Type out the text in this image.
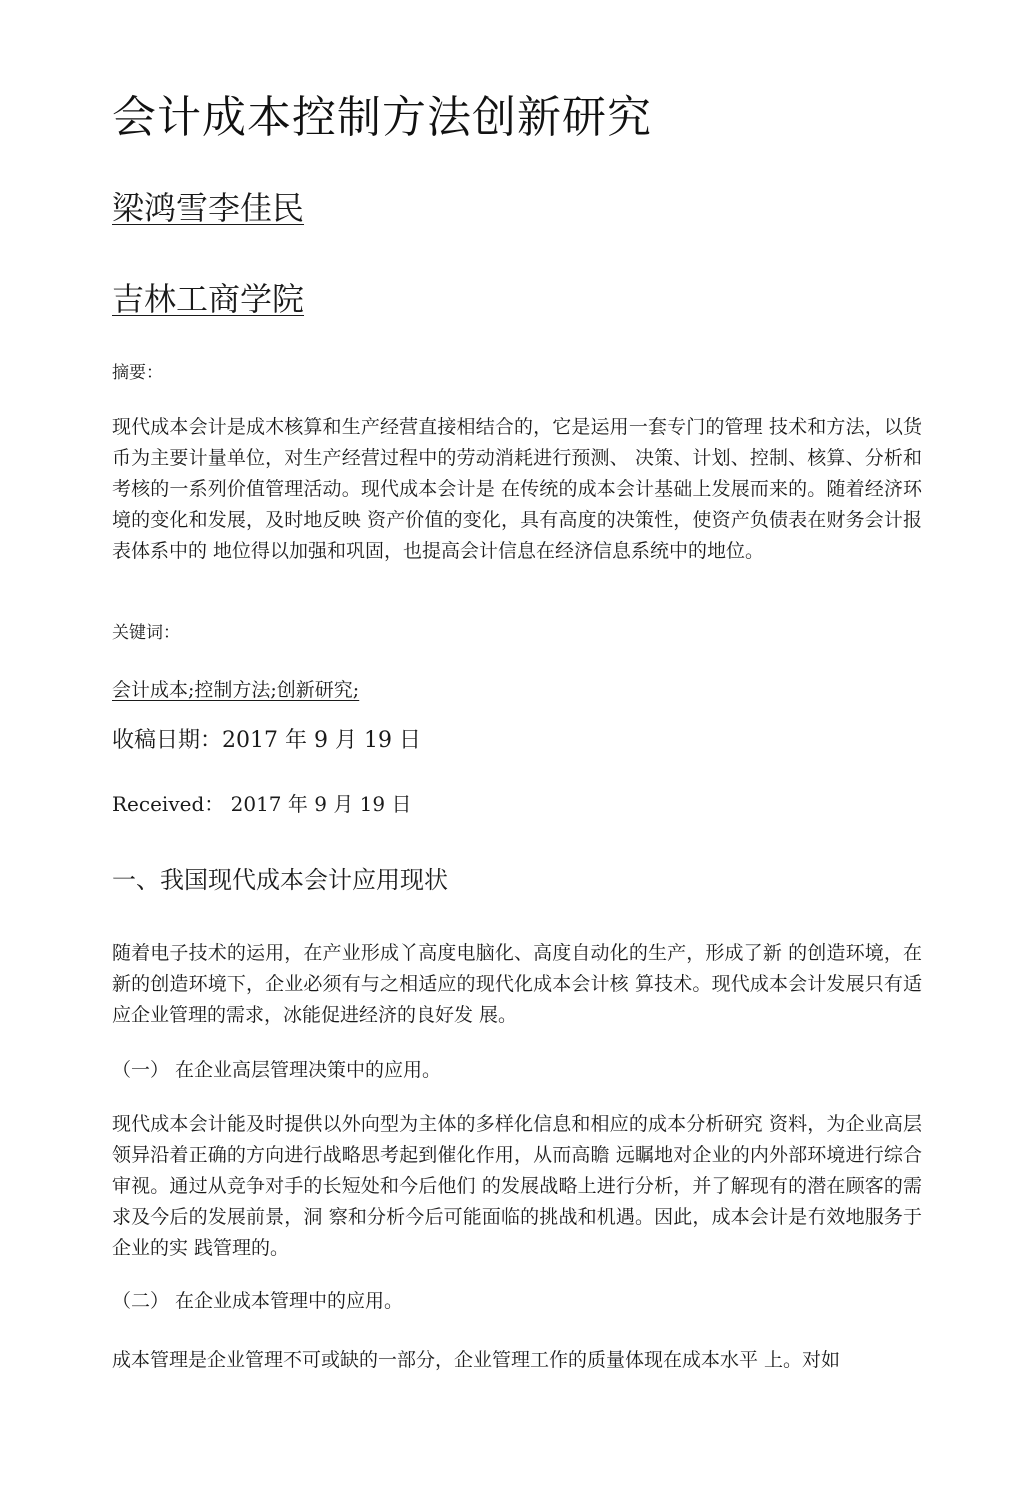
会计成本控制方法创新研究
梁鸿雪李佳民
吉林工商学院
摘要：

现代成本会计是成木核算和生产经营直接相结合的，它是运用一套专门的管理 技术和方法，以货币为主要计量单位，对生产经营过程中的劳动消耗进行预测、 决策、计划、控制、核算、分析和考核的一系列价值管理活动。现代成本会计是 在传统的成本会计基础上发展而来的。随着经济环境的变化和发展，及时地反映 资产价值的变化，具有高度的决策性，使资产负债表在财务会计报表体系中的 地位得以加强和巩固，也提高会计信息在经济信息系统中的地位。

关键词：
会计成本;控制方法;创新研究;
收稿日期：2017 年 9 月 19 日
Received： 2017 年 9 月 19 日
一、我国现代成本会计应用现状

随着电子技术的运用，在产业形成丫高度电脑化、高度自动化的生产，形成了新 的创造环境，在新的创造环境下，企业必须有与之相适应的现代化成本会计核 算技术。现代成本会计发展只有适应企业管理的需求，冰能促进经济的良好发 展。

（一） 在企业高层管理决策中的应用。

现代成本会计能及时提供以外向型为主体的多样化信息和相应的成本分析研究 资料，为企业高层领异沿着正确的方向进行战略思考起到催化作用，从而高瞻 远瞩地对企业的内外部环境进行综合审视。通过从竞争对手的长短处和今后他们 的发展战略上进行分析，并了解现有的潜在顾客的需求及今后的发展前景，洞 察和分析今后可能面临的挑战和机遇。因此，成本会计是冇效地服务于企业的实 践管理的。

（二） 在企业成本管理中的应用。

成本管理是企业管理不可或缺的一部分，企业管理工作的质量体现在成本水平 上。对如
